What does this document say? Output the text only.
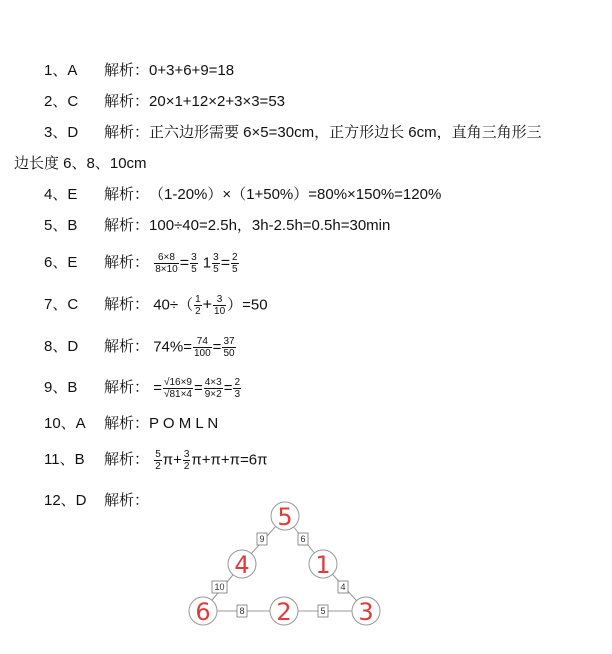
1、A 解析：0+3+6+9=18
2、C 解析：20×1+12×2+3×3=53
3、D 解析：正六边形需要 6×5=30cm，正方形边长 6cm，直角三角形三
边长度 6、8、10cm
4、E 解析：（1-20%）×（1+50%）=80%×150%=120%
5、B 解析：100÷40=2.5h，3h-2.5h=0.5h=30min
6、E 解析： $\frac{6\times 8}{8\times 10} = \frac{3}{5} 1 \frac{3}{5} = \frac{2}{5}$
7、C 解析： $40\div( \frac{1}{2} + \frac{3}{10} )=50$
8、D 解析： $74\%= \frac{74}{100} = \frac{37}{50}$
9、B 解析： = $\frac{√16\times 9}{√81\times 4} = \frac{4\times 3}{9\times 2} = \frac{2}{3}$
10、A 解析：P O M L N
11、B 解析： $\frac{5}{2} \pi+ \frac{3}{2} \pi+\pi+\pi=6\pi$
12、D 解析：
9	6
10	4
8	5
5
4	1
6	2	3
